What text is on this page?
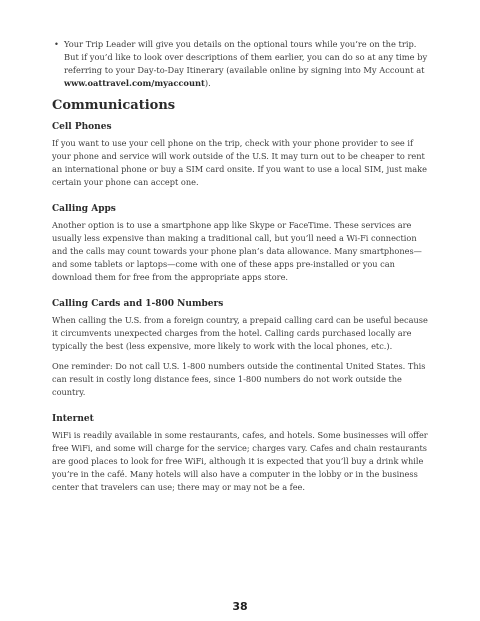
• Your Trip Leader will give you details on the optional tours while you’re on the trip. But if you’d like to look over descriptions of them earlier, you can do so at any time by referring to your Day-to-Day Itinerary (available online by signing into My Account at www.oattravel.com/myaccount).
Communications
Cell Phones

If you want to use your cell phone on the trip, check with your phone provider to see if your phone and service will work outside of the U.S. It may turn out to be cheaper to rent an international phone or buy a SIM card onsite. If you want to use a local SIM, just make certain your phone can accept one.

Calling Apps

Another option is to use a smartphone app like Skype or FaceTime. These services are usually less expensive than making a traditional call, but you’ll need a Wi-Fi connection and the calls may count towards your phone plan’s data allowance. Many smartphones—and some tablets or laptops—come with one of these apps pre-installed or you can download them for free from the appropriate apps store.

Calling Cards and 1-800 Numbers

When calling the U.S. from a foreign country, a prepaid calling card can be useful because it circumvents unexpected charges from the hotel. Calling cards purchased locally are typically the best (less expensive, more likely to work with the local phones, etc.).

One reminder: Do not call U.S. 1-800 numbers outside the continental United States. This can result in costly long distance fees, since 1-800 numbers do not work outside the country.

Internet

WiFi is readily available in some restaurants, cafes, and hotels. Some businesses will offer free WiFi, and some will charge for the service; charges vary. Cafes and chain restaurants are good places to look for free WiFi, although it is expected that you’ll buy a drink while you’re in the café. Many hotels will also have a computer in the lobby or in the business center that travelers can use; there may or may not be a fee.

38
